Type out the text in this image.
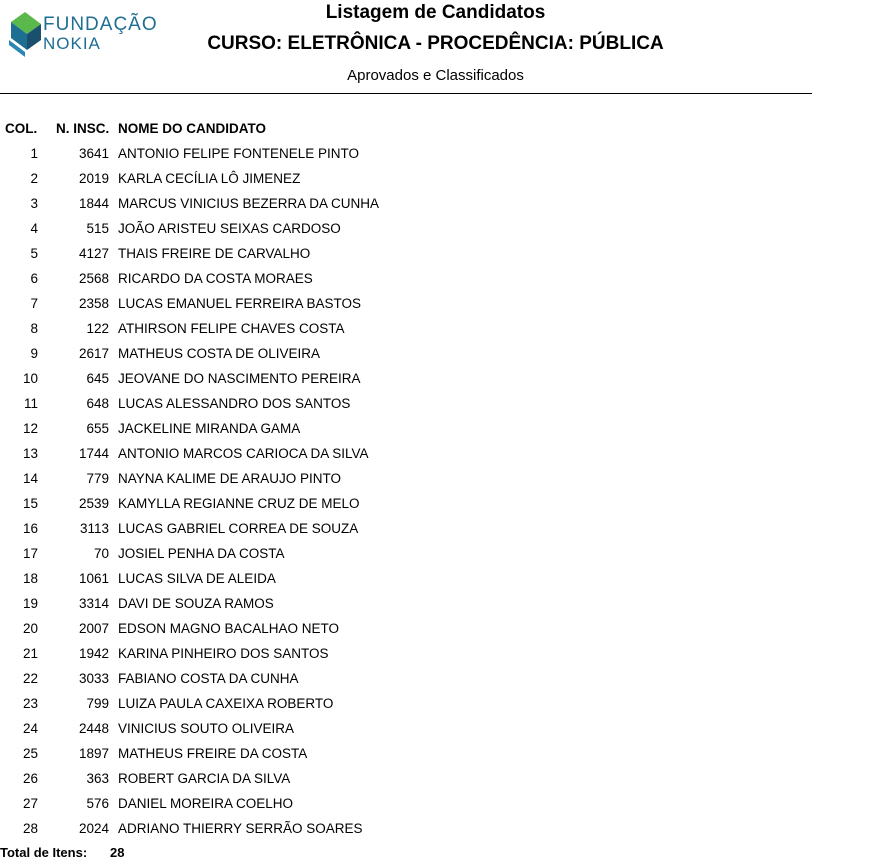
FUNDAÇÃO
NOKIA
Listagem de Candidatos
CURSO: ELETRÔNICA - PROCEDÊNCIA: PÚBLICA
Aprovados e Classificados
COL. N. INSC. NOME DO CANDIDATO
1	3641 ANTONIO FELIPE FONTENELE PINTO
2	2019 KARLA CECÍLIA LÔ JIMENEZ
3	1844 MARCUS VINICIUS BEZERRA DA CUNHA
4	515 JOÃO ARISTEU SEIXAS CARDOSO
5	4127 THAIS FREIRE DE CARVALHO
6	2568 RICARDO DA COSTA MORAES
7	2358 LUCAS EMANUEL FERREIRA BASTOS
8	122 ATHIRSON FELIPE CHAVES COSTA
9	2617 MATHEUS COSTA DE OLIVEIRA
10	645 JEOVANE DO NASCIMENTO PEREIRA
11	648 LUCAS ALESSANDRO DOS SANTOS
12	655 JACKELINE MIRANDA GAMA
13	1744 ANTONIO MARCOS CARIOCA DA SILVA
14	779 NAYNA KALIME DE ARAUJO PINTO
15	2539 KAMYLLA REGIANNE CRUZ DE MELO
16	3113 LUCAS GABRIEL CORREA DE SOUZA
17	70 JOSIEL PENHA DA COSTA
18	1061 LUCAS SILVA DE ALEIDA
19	3314 DAVI DE SOUZA RAMOS
20	2007 EDSON MAGNO BACALHAO NETO
21	1942 KARINA PINHEIRO DOS SANTOS
22	3033 FABIANO COSTA DA CUNHA
23	799 LUIZA PAULA CAXEIXA ROBERTO
24	2448 VINICIUS SOUTO OLIVEIRA
25	1897 MATHEUS FREIRE DA COSTA
26	363 ROBERT GARCIA DA SILVA
27	576 DANIEL MOREIRA COELHO
28	2024 ADRIANO THIERRY SERRÃO SOARES
Total de Itens: 28
